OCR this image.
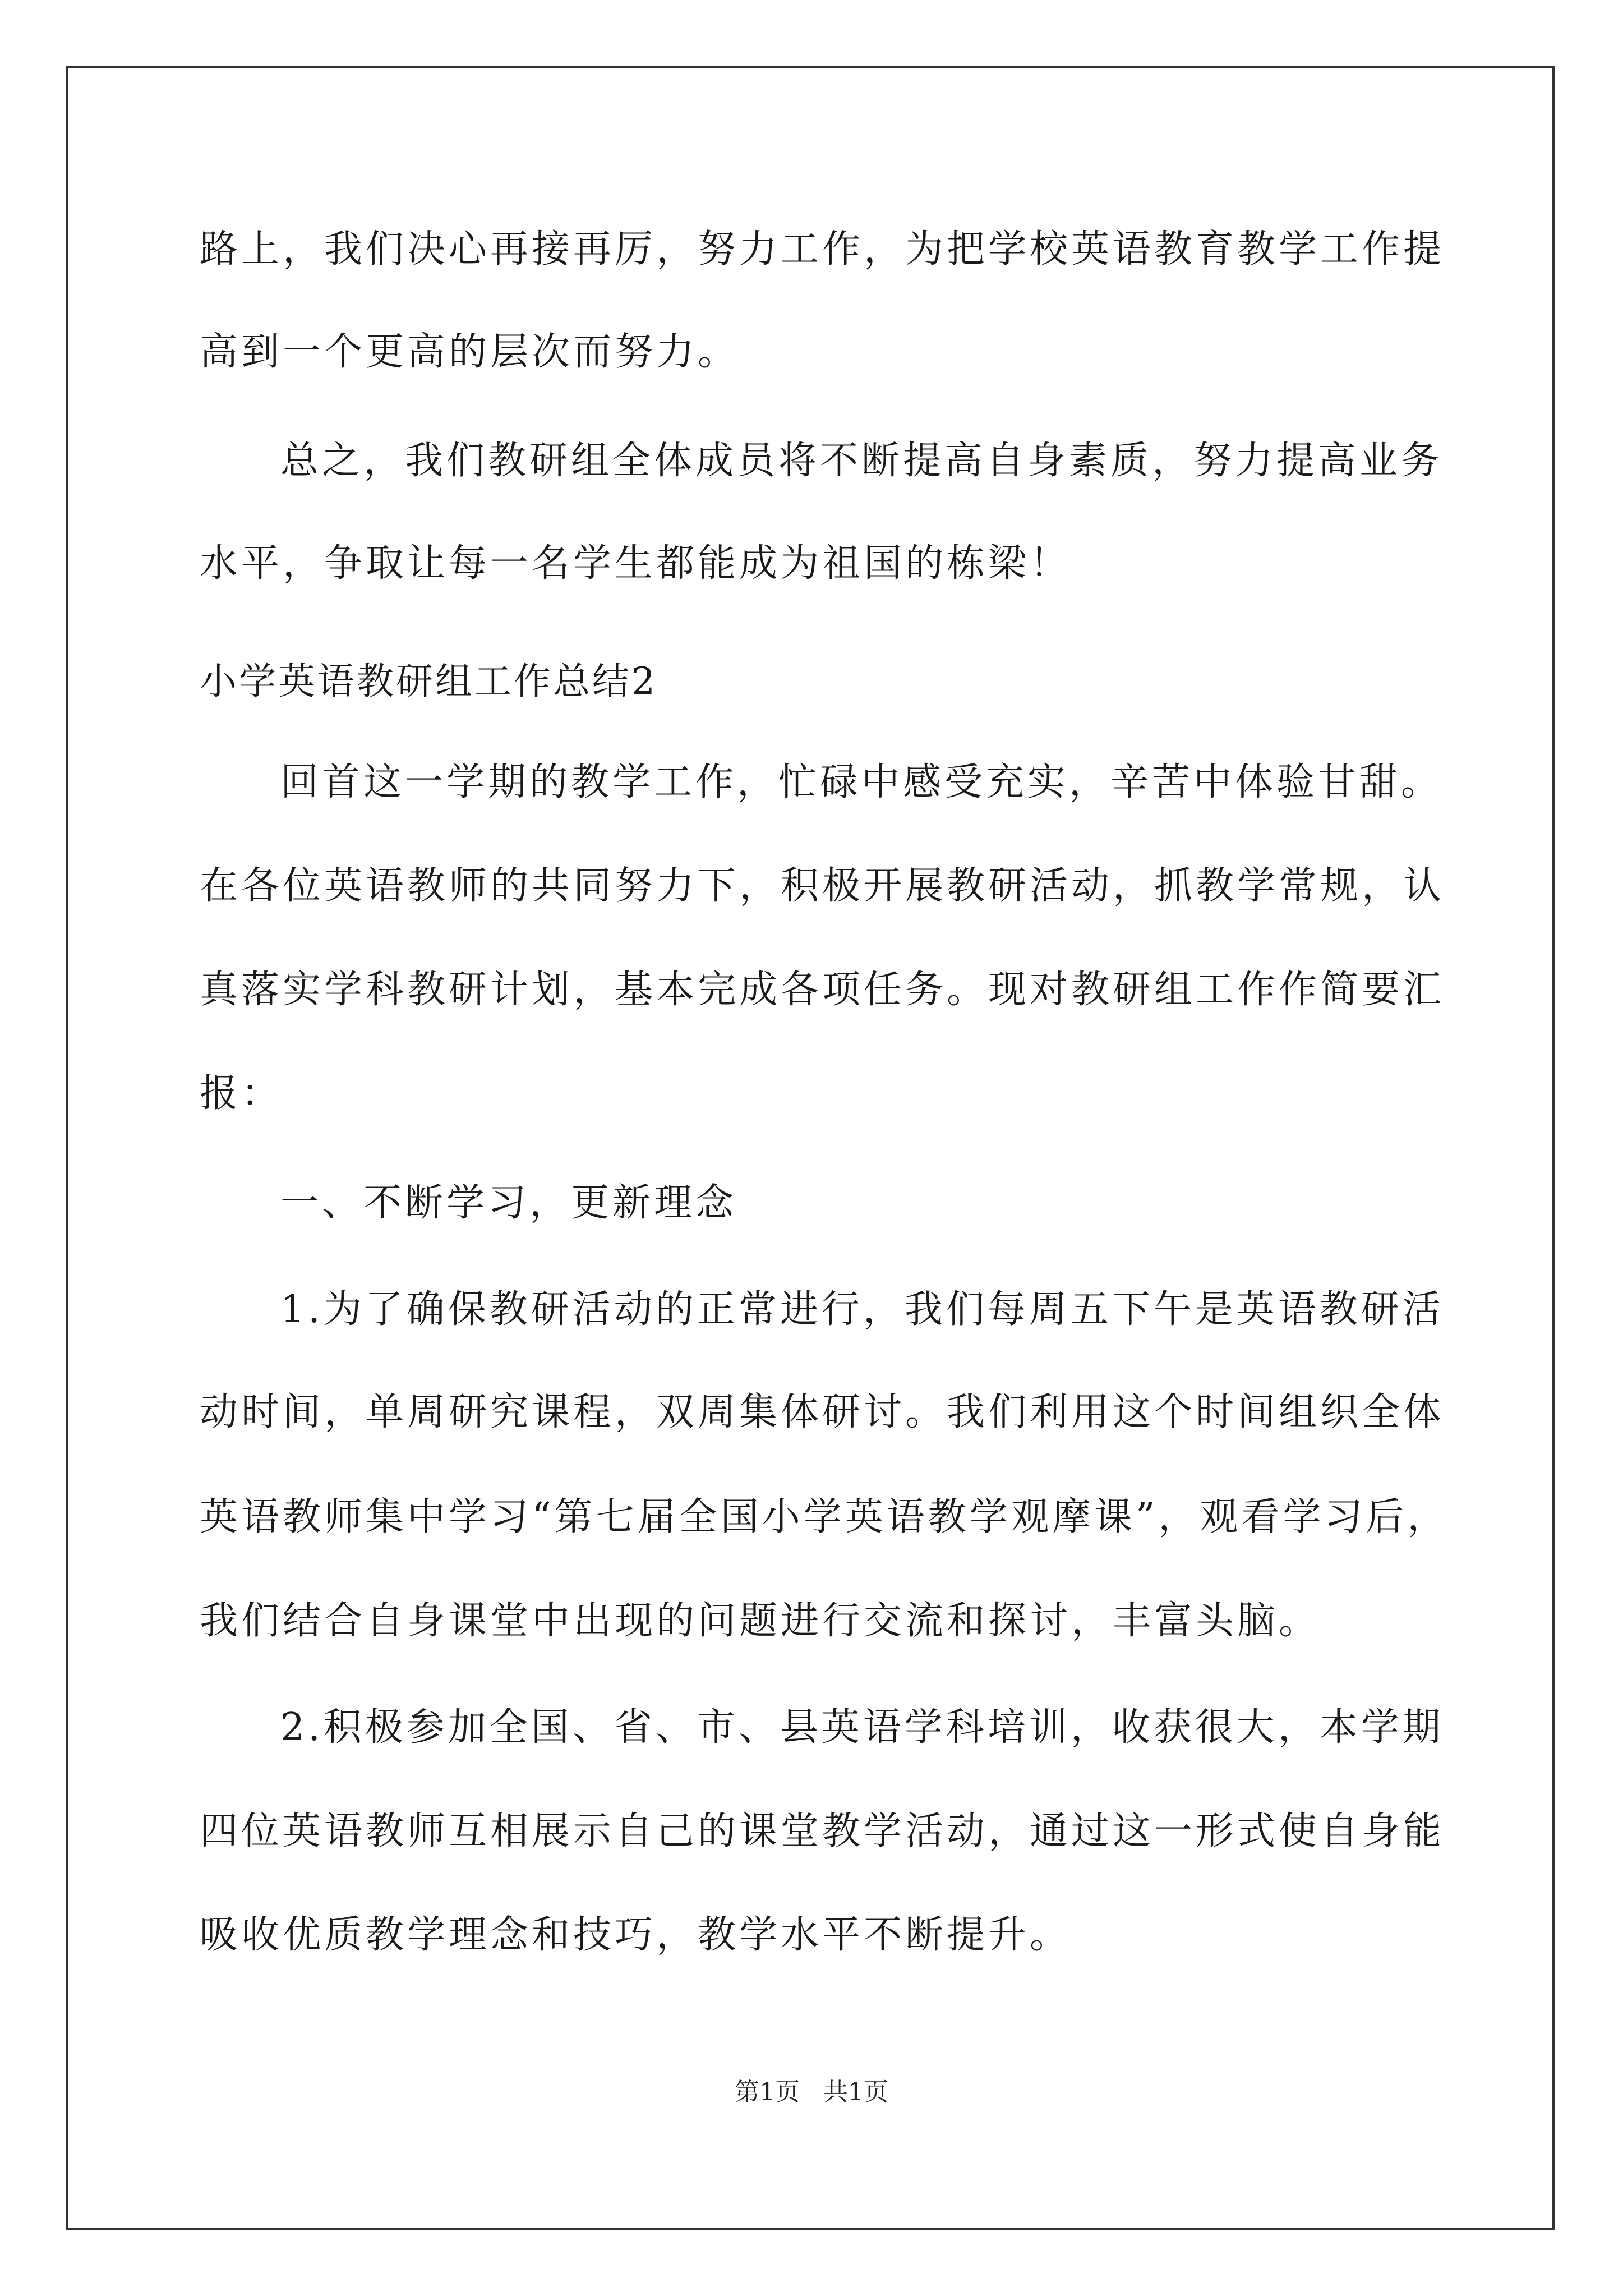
路上，我们决心再接再厉，努力工作，为把学校英语教育教学工作提
高到一个更高的层次而努力。
总之，我们教研组全体成员将不断提高自身素质，努力提高业务
水平，争取让每一名学生都能成为祖国的栋梁！
小学英语教研组工作总结2
回首这一学期的教学工作，忙碌中感受充实，辛苦中体验甘甜。
在各位英语教师的共同努力下，积极开展教研活动，抓教学常规，认
真落实学科教研计划，基本完成各项任务。现对教研组工作作简要汇
报：
一、不断学习，更新理念
1.为了确保教研活动的正常进行，我们每周五下午是英语教研活
动时间，单周研究课程，双周集体研讨。我们利用这个时间组织全体
英语教师集中学习“第七届全国小学英语教学观摩课”，观看学习后，
我们结合自身课堂中出现的问题进行交流和探讨，丰富头脑。
2.积极参加全国、省、市、县英语学科培训，收获很大，本学期
四位英语教师互相展示自己的课堂教学活动，通过这一形式使自身能
吸收优质教学理念和技巧，教学水平不断提升。
第1页 共1页
